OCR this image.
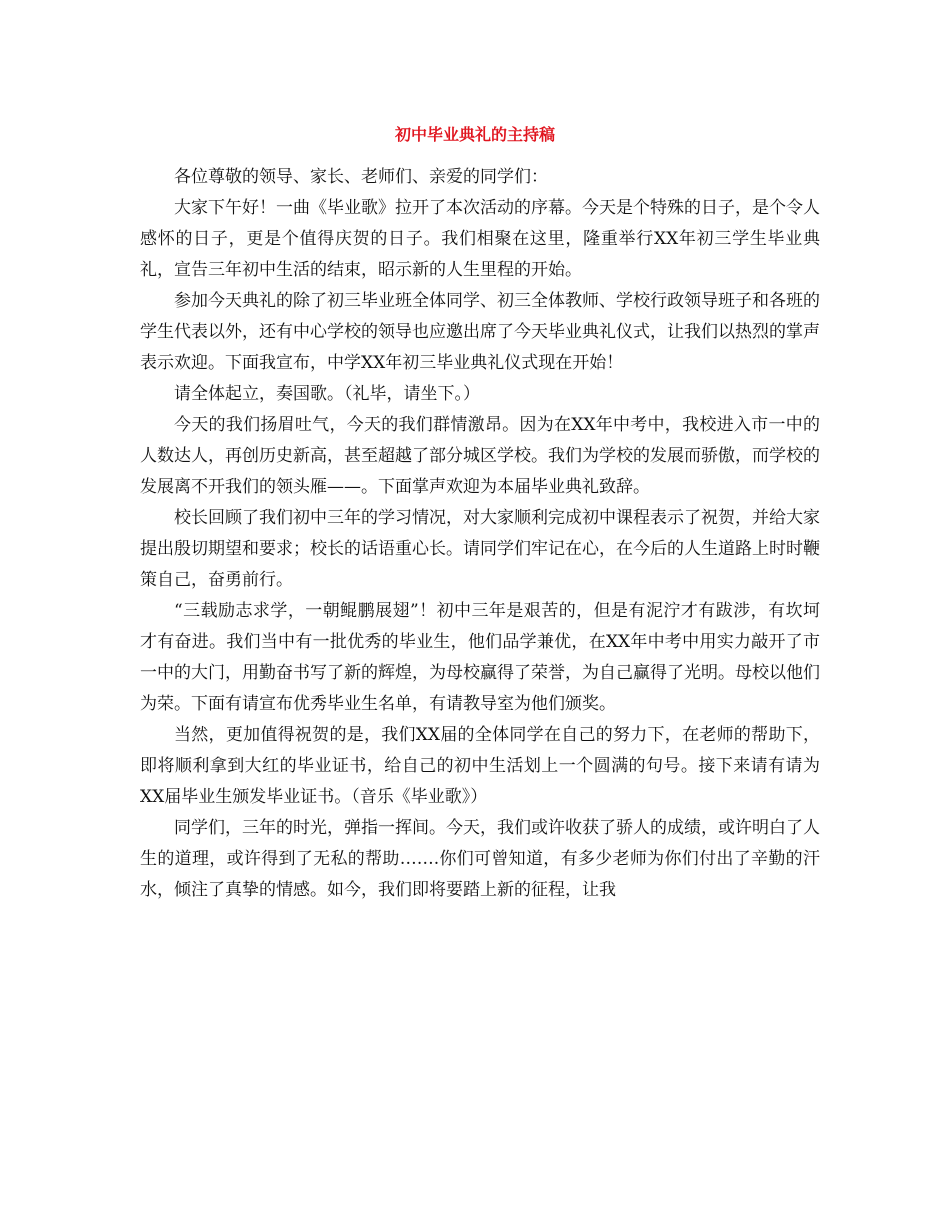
初中毕业典礼的主持稿

各位尊敬的领导、家长、老师们、亲爱的同学们：

大家下午好！一曲《毕业歌》拉开了本次活动的序幕。今天是个特殊的日子，是个令人感怀的日子，更是个值得庆贺的日子。我们相聚在这里，隆重举行XX年初三学生毕业典礼，宣告三年初中生活的结束，昭示新的人生里程的开始。

参加今天典礼的除了初三毕业班全体同学、初三全体教师、学校行政领导班子和各班的学生代表以外，还有中心学校的领导也应邀出席了今天毕业典礼仪式，让我们以热烈的掌声表示欢迎。下面我宣布，中学XX年初三毕业典礼仪式现在开始！

请全体起立，奏国歌。（礼毕，请坐下。）

今天的我们扬眉吐气，今天的我们群情激昂。因为在XX年中考中，我校进入市一中的人数达人，再创历史新高，甚至超越了部分城区学校。我们为学校的发展而骄傲，而学校的发展离不开我们的领头雁——。下面掌声欢迎为本届毕业典礼致辞。

校长回顾了我们初中三年的学习情况，对大家顺利完成初中课程表示了祝贺，并给大家提出殷切期望和要求；校长的话语重心长。请同学们牢记在心，在今后的人生道路上时时鞭策自己，奋勇前行。

“三载励志求学，一朝鲲鹏展翅”！初中三年是艰苦的，但是有泥泞才有跋涉，有坎坷才有奋进。我们当中有一批优秀的毕业生，他们品学兼优，在XX年中考中用实力敲开了市一中的大门，用勤奋书写了新的辉煌，为母校赢得了荣誉，为自己赢得了光明。母校以他们为荣。下面有请宣布优秀毕业生名单，有请教导室为他们颁奖。

当然，更加值得祝贺的是，我们XX届的全体同学在自己的努力下，在老师的帮助下，即将顺利拿到大红的毕业证书，给自己的初中生活划上一个圆满的句号。接下来请有请为XX届毕业生颁发毕业证书。（音乐《毕业歌》）

同学们，三年的时光，弹指一挥间。今天，我们或许收获了骄人的成绩，或许明白了人生的道理，或许得到了无私的帮助…….你们可曾知道，有多少老师为你们付出了辛勤的汗水，倾注了真挚的情感。如今，我们即将要踏上新的征程，让我
